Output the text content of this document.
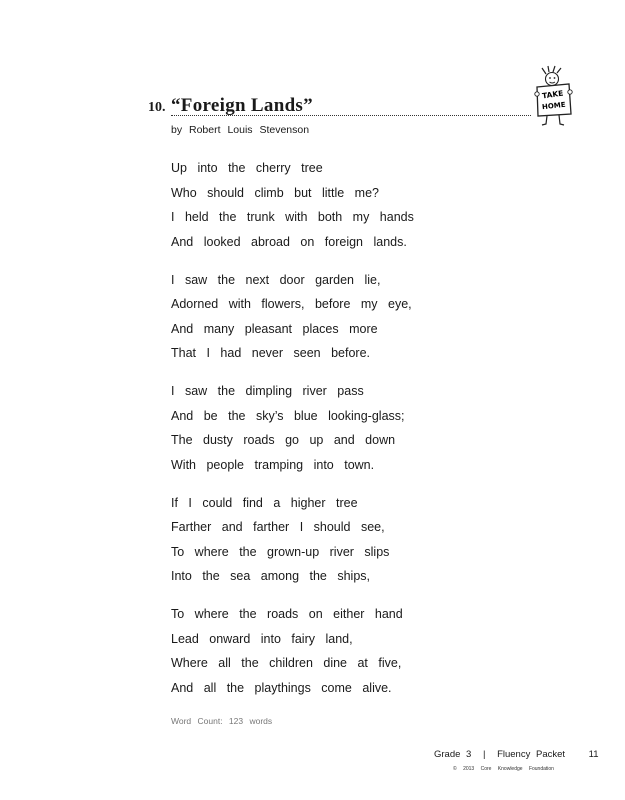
10. “Foreign Lands”
TAKE
HOME
by Robert Louis Stevenson
Up into the cherry tree
Who should climb but little me?
I held the trunk with both my hands
And looked abroad on foreign lands.
I saw the next door garden lie,
Adorned with flowers, before my eye,
And many pleasant places more
That I had never seen before.
I saw the dimpling river pass
And be the sky’s blue looking-glass;
The dusty roads go up and down
With people tramping into town.
If I could find a higher tree
Farther and farther I should see,
To where the grown-up river slips
Into the sea among the ships,
To where the roads on either hand
Lead onward into fairy land,
Where all the children dine at five,
And all the playthings come alive.
Word Count: 123 words
Grade 3 | Fluency Packet 11
© 2013 Core Knowledge Foundation
